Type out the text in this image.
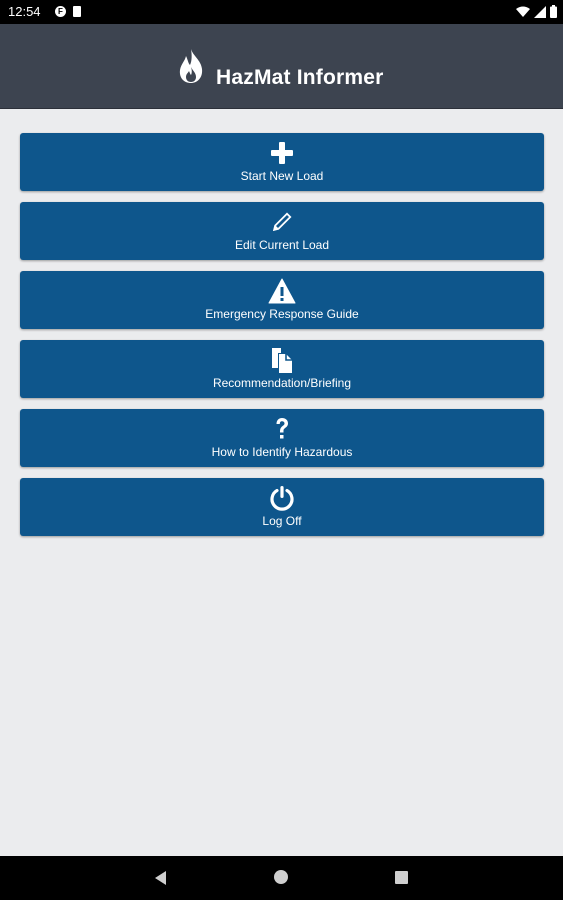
12:54	F
HazMat Informer
Start New Load
Edit Current Load
Emergency Response Guide
Recommendation/Briefing
How to Identify Hazardous
Log Off
